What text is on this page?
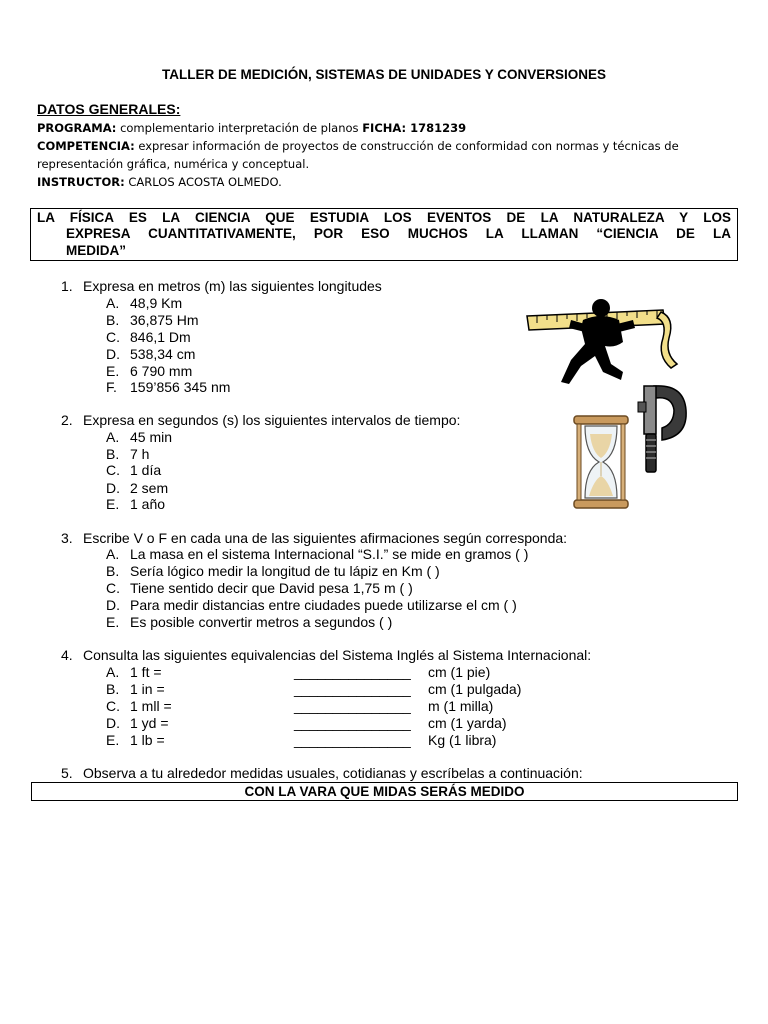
TALLER DE MEDICIÓN, SISTEMAS DE UNIDADES Y CONVERSIONES
DATOS GENERALES:
PROGRAMA: complementario interpretación de planos FICHA: 1781239
COMPETENCIA: expresar información de proyectos de construcción de conformidad con normas y técnicas de
representación gráfica, numérica y conceptual.
INSTRUCTOR: CARLOS ACOSTA OLMEDO.
LA FÍSICA ES LA CIENCIA QUE ESTUDIA LOS EVENTOS DE LA NATURALEZA Y LOS
EXPRESA CUANTITATIVAMENTE, POR ESO MUCHOS LA LLAMAN “CIENCIA DE LA
MEDIDA”
1. Expresa en metros (m) las siguientes longitudes
A. 48,9 Km
B. 36,875 Hm
C. 846,1 Dm
D. 538,34 cm
E. 6 790 mm
F. 159’856 345 nm
2. Expresa en segundos (s) los siguientes intervalos de tiempo:
A. 45 min
B. 7 h
C. 1 día
D. 2 sem
E. 1 año
3. Escribe V o F en cada una de las siguientes afirmaciones según corresponda:
A. La masa en el sistema Internacional “S.I.” se mide en gramos ( )
B. Sería lógico medir la longitud de tu lápiz en Km ( )
C. Tiene sentido decir que David pesa 1,75 m ( )
D. Para medir distancias entre ciudades puede utilizarse el cm ( )
E. Es posible convertir metros a segundos ( )
4. Consulta las siguientes equivalencias del Sistema Inglés al Sistema Internacional:
A. 1 ft =	_______________ cm (1 pie)
B. 1 in =	_______________ cm (1 pulgada)
C. 1 mll =	_______________ m (1 milla)
D. 1 yd =	_______________ cm (1 yarda)
E. 1 lb =	_______________ Kg (1 libra)
5. Observa a tu alrededor medidas usuales, cotidianas y escríbelas a continuación:
CON LA VARA QUE MIDAS SERÁS MEDIDO
